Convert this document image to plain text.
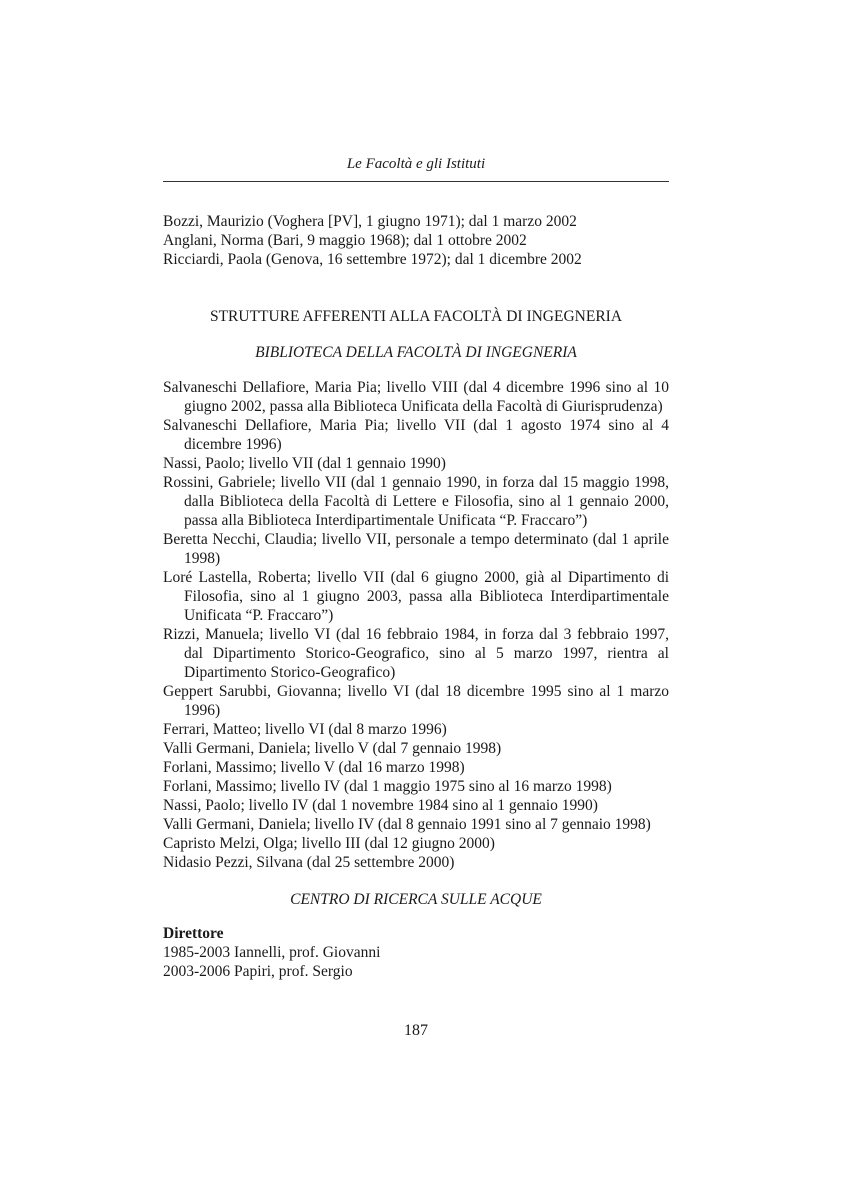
Le Facoltà e gli Istituti

Bozzi, Maurizio (Voghera [PV], 1 giugno 1971); dal 1 marzo 2002

Anglani, Norma (Bari, 9 maggio 1968); dal 1 ottobre 2002

Ricciardi, Paola (Genova, 16 settembre 1972); dal 1 dicembre 2002

STRUTTURE AFFERENTI ALLA FACOLTÀ DI INGEGNERIA

BIBLIOTECA DELLA FACOLTÀ DI INGEGNERIA

Salvaneschi Dellafiore, Maria Pia; livello VIII (dal 4 dicembre 1996 sino al 10 giugno 2002, passa alla Biblioteca Unificata della Facoltà di Giurisprudenza)

Salvaneschi Dellafiore, Maria Pia; livello VII (dal 1 agosto 1974 sino al 4 dicembre 1996)

Nassi, Paolo; livello VII (dal 1 gennaio 1990)

Rossini, Gabriele; livello VII (dal 1 gennaio 1990, in forza dal 15 maggio 1998, dalla Biblioteca della Facoltà di Lettere e Filosofia, sino al 1 gennaio 2000, passa alla Biblioteca Interdipartimentale Unificata “P. Fraccaro”)

Beretta Necchi, Claudia; livello VII, personale a tempo determinato (dal 1 aprile 1998)

Loré Lastella, Roberta; livello VII (dal 6 giugno 2000, già al Dipartimento di Filosofia, sino al 1 giugno 2003, passa alla Biblioteca Interdipartimentale Unificata “P. Fraccaro”)

Rizzi, Manuela; livello VI (dal 16 febbraio 1984, in forza dal 3 febbraio 1997, dal Dipartimento Storico-Geografico, sino al 5 marzo 1997, rientra al Dipartimento Storico-Geografico)

Geppert Sarubbi, Giovanna; livello VI (dal 18 dicembre 1995 sino al 1 marzo 1996)

Ferrari, Matteo; livello VI (dal 8 marzo 1996)

Valli Germani, Daniela; livello V (dal 7 gennaio 1998)

Forlani, Massimo; livello V (dal 16 marzo 1998)

Forlani, Massimo; livello IV (dal 1 maggio 1975 sino al 16 marzo 1998)

Nassi, Paolo; livello IV (dal 1 novembre 1984 sino al 1 gennaio 1990)

Valli Germani, Daniela; livello IV (dal 8 gennaio 1991 sino al 7 gennaio 1998)

Capristo Melzi, Olga; livello III (dal 12 giugno 2000)

Nidasio Pezzi, Silvana (dal 25 settembre 2000)

CENTRO DI RICERCA SULLE ACQUE

Direttore

1985-2003 Iannelli, prof. Giovanni

2003-2006 Papiri, prof. Sergio

187
